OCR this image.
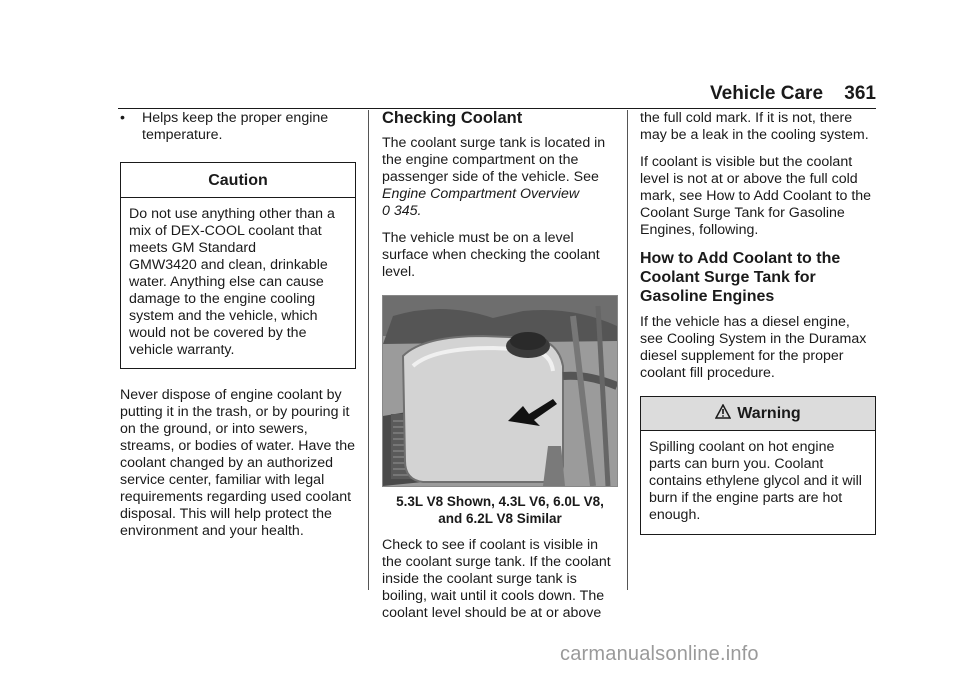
Vehicle Care 361
•	Helps keep the proper engine temperature.
Caution
Do not use anything other than a
mix of DEX-COOL coolant that
meets GM Standard
GMW3420 and clean, drinkable
water. Anything else can cause
damage to the engine cooling
system and the vehicle, which
would not be covered by the
vehicle warranty.

Never dispose of engine coolant by putting it in the trash, or by pouring it on the ground, or into sewers, streams, or bodies of water. Have the coolant changed by an authorized service center, familiar with legal requirements regarding used coolant disposal. This will help protect the environment and your health.

Checking Coolant

The coolant surge tank is located in the engine compartment on the passenger side of the vehicle. See
Engine Compartment Overview
0 345.

The vehicle must be on a level surface when checking the coolant level.

5.3L V8 Shown, 4.3L V6, 6.0L V8,
and 6.2L V8 Similar

Check to see if coolant is visible in the coolant surge tank. If the coolant inside the coolant surge tank is boiling, wait until it cools down. The coolant level should be at or above

the full cold mark. If it is not, there may be a leak in the cooling system.

If coolant is visible but the coolant level is not at or above the full cold mark, see How to Add Coolant to the Coolant Surge Tank for Gasoline Engines, following.

How to Add Coolant to the Coolant Surge Tank for Gasoline Engines

If the vehicle has a diesel engine, see Cooling System in the Duramax diesel supplement for the proper coolant fill procedure.

Warning
Spilling coolant on hot engine
parts can burn you. Coolant
contains ethylene glycol and it will
burn if the engine parts are hot
enough.
carmanualsonline.info
